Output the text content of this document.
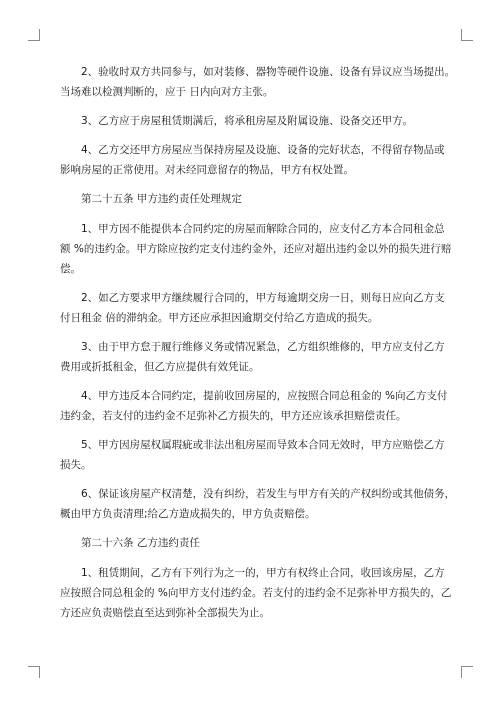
2、验收时双方共同参与，如对装修、器物等硬件设施、设备有异议应当场提出。
当场难以检测判断的，应于 日内向对方主张。

3、乙方应于房屋租赁期满后，将承租房屋及附属设施、设备交还甲方。

4、乙方交还甲方房屋应当保持房屋及设施、设备的完好状态，不得留存物品或
影响房屋的正常使用。对未经同意留存的物品，甲方有权处置。

第二十五条 甲方违约责任处理规定

1、甲方因不能提供本合同约定的房屋而解除合同的，应支付乙方本合同租金总
额 %的违约金。甲方除应按约定支付违约金外，还应对超出违约金以外的损失进行赔
偿。

2、如乙方要求甲方继续履行合同的，甲方每逾期交房一日，则每日应向乙方支
付日租金 倍的滞纳金。甲方还应承担因逾期交付给乙方造成的损失。

3、由于甲方怠于履行维修义务或情况紧急，乙方组织维修的，甲方应支付乙方
费用或折抵租金，但乙方应提供有效凭证。

4、甲方违反本合同约定，提前收回房屋的，应按照合同总租金的 %向乙方支付
违约金，若支付的违约金不足弥补乙方损失的，甲方还应该承担赔偿责任。

5、甲方因房屋权属瑕疵或非法出租房屋而导致本合同无效时，甲方应赔偿乙方
损失。

6、保证该房屋产权清楚，没有纠纷，若发生与甲方有关的产权纠纷或其他债务，
概由甲方负责清理;给乙方造成损失的，甲方负责赔偿。

第二十六条 乙方违约责任

1、租赁期间，乙方有下列行为之一的，甲方有权终止合同，收回该房屋，乙方
应按照合同总租金的 %向甲方支付违约金。若支付的违约金不足弥补甲方损失的，乙
方还应负责赔偿直至达到弥补全部损失为止。
